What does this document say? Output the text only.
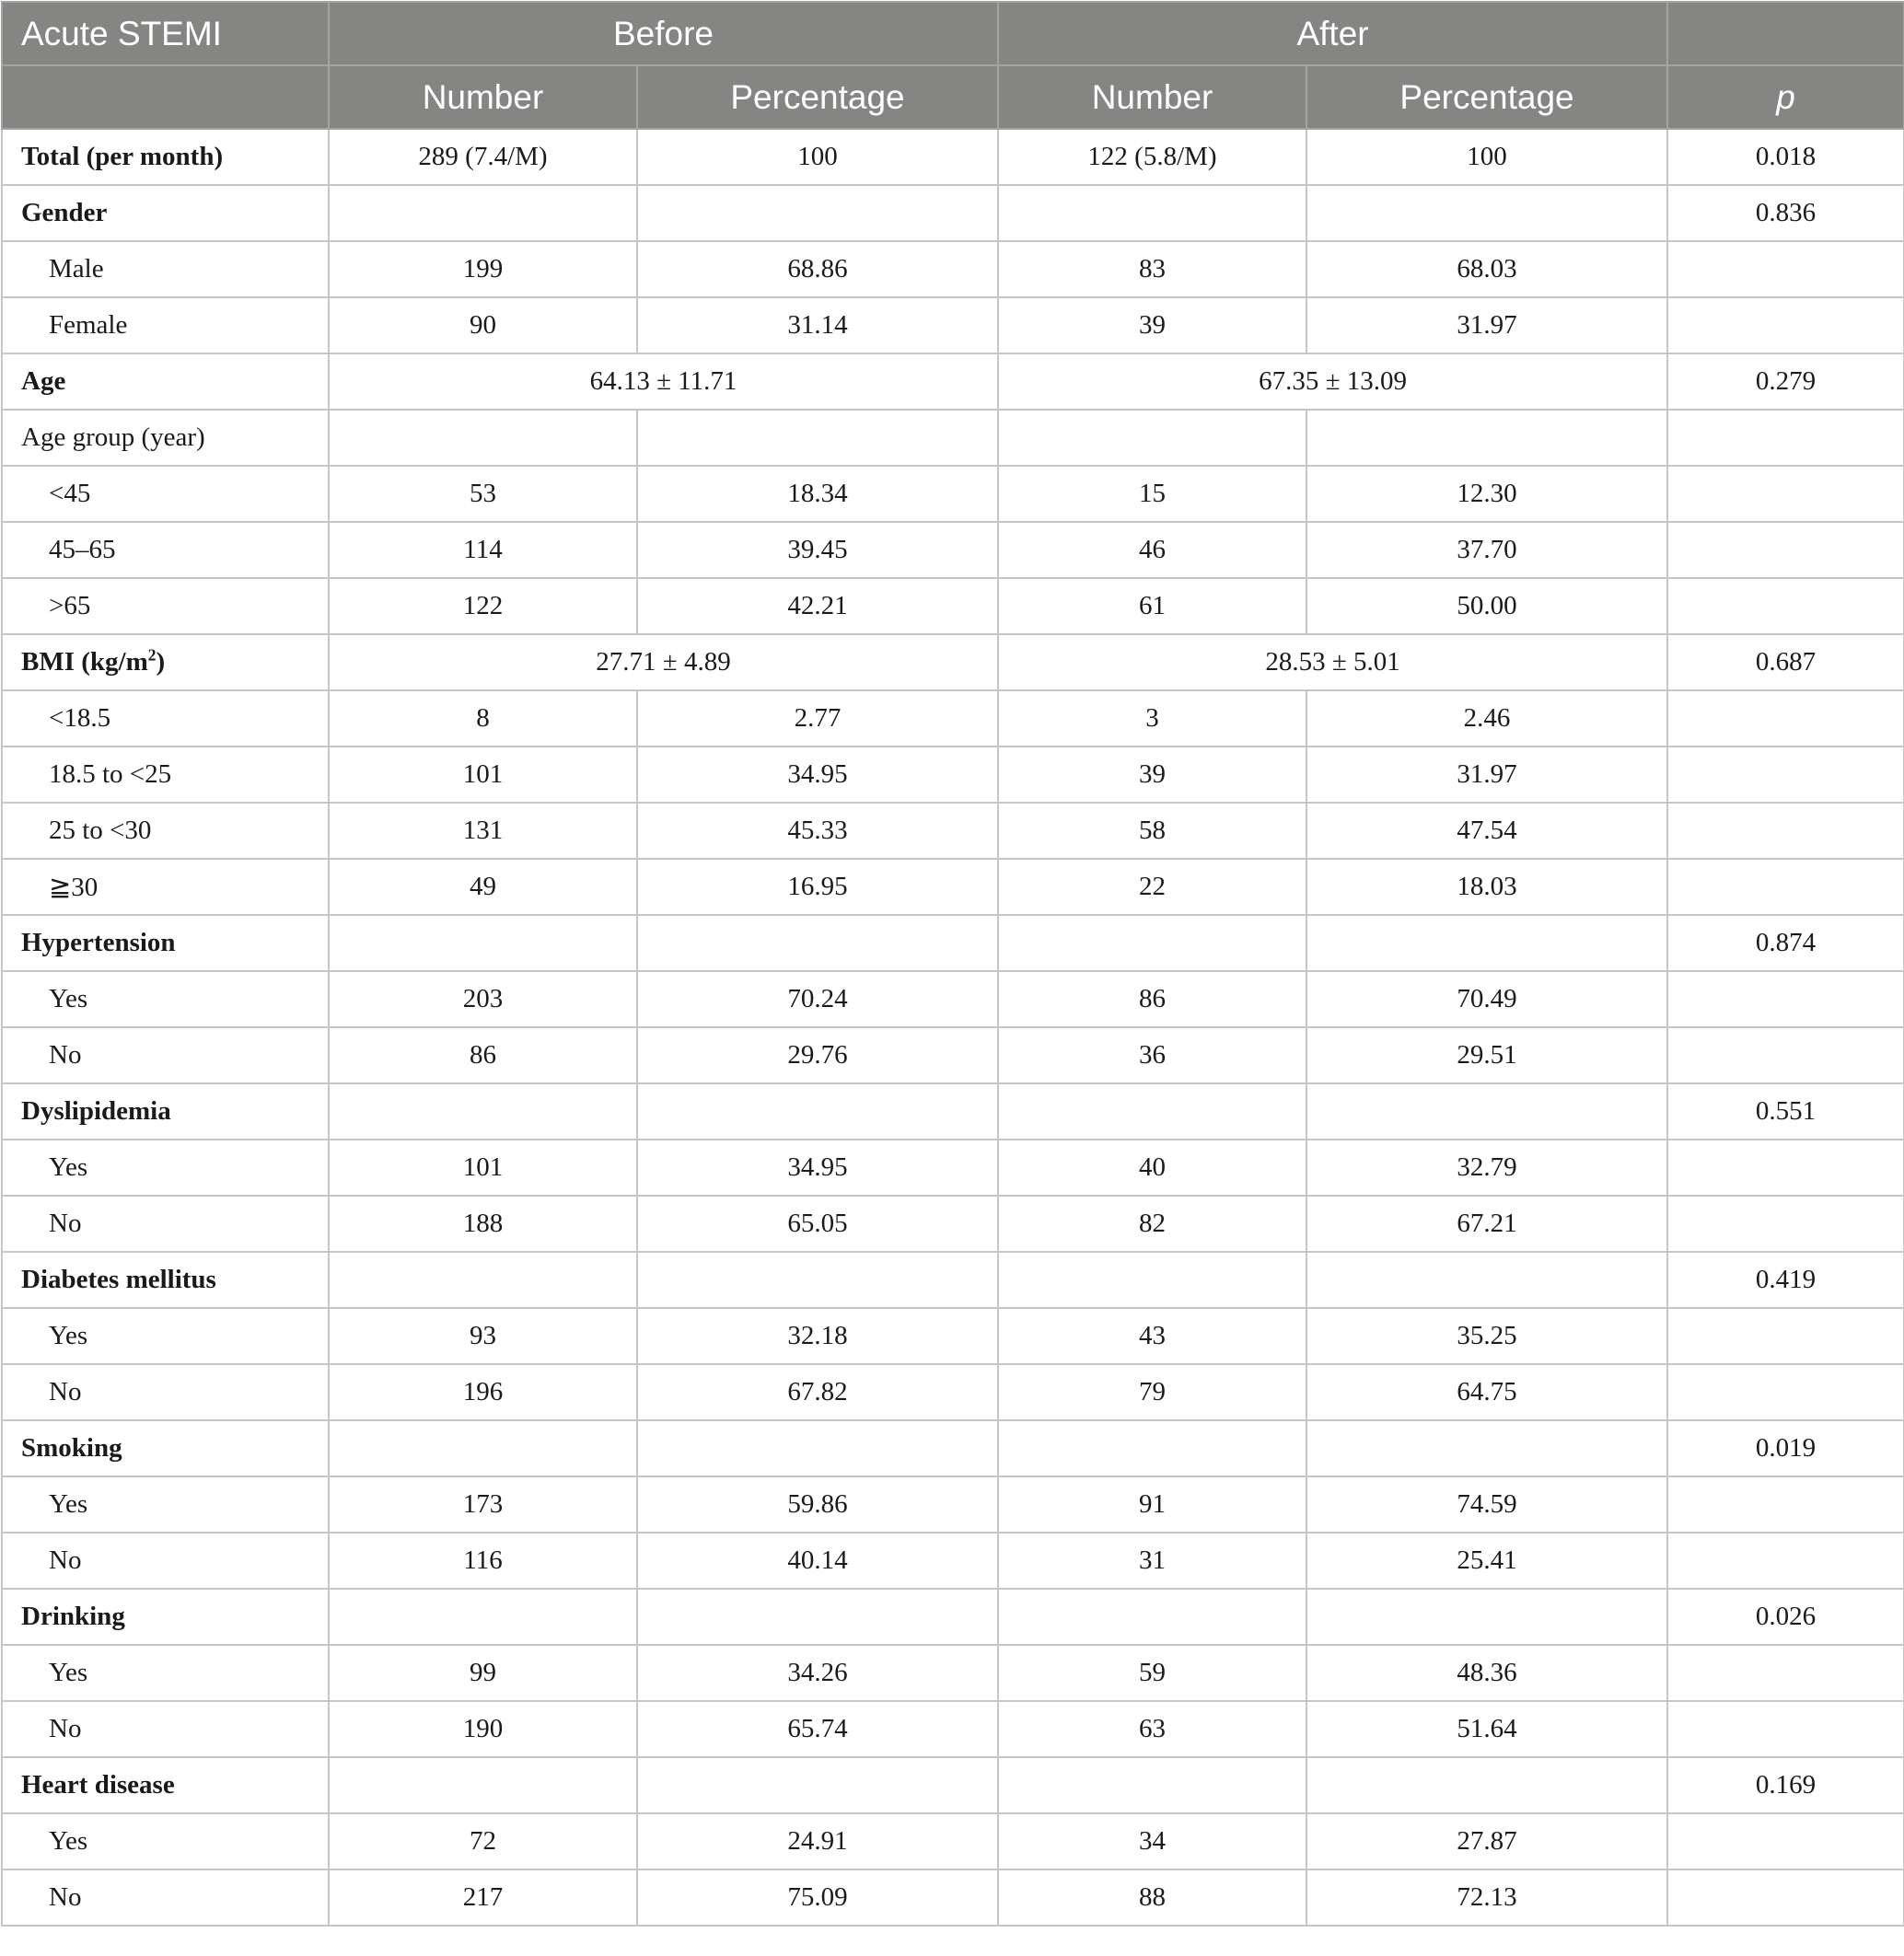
Acute STEMI	Before		After		
	Number	Percentage	Number	Percentage	p
Total (per month)	289 (7.4/M)	100	122 (5.8/M)	100	0.018
Gender					0.836
Male	199	68.86	83	68.03	
Female	90	31.14	39	31.97	
Age	64.13 ± 11.71		67.35 ± 13.09		0.279
Age group (year)					
<45	53	18.34	15	12.30	
45–65	114	39.45	46	37.70	
>65	122	42.21	61	50.00	
BMI $(kg/m^2)$	27.71 ± 4.89		28.53 ± 5.01		0.687
<18.5	8	2.77	3	2.46	
18.5 to <25	101	34.95	39	31.97	
25 to <30	131	45.33	58	47.54	
≧30	49	16.95	22	18.03	
Hypertension					0.874
Yes	203	70.24	86	70.49	
No	86	29.76	36	29.51	
Dyslipidemia					0.551
Yes	101	34.95	40	32.79	
No	188	65.05	82	67.21	
Diabetes mellitus					0.419
Yes	93	32.18	43	35.25	
No	196	67.82	79	64.75	
Smoking					0.019
Yes	173	59.86	91	74.59	
No	116	40.14	31	25.41	
Drinking					0.026
Yes	99	34.26	59	48.36	
No	190	65.74	63	51.64	
Heart disease					0.169
Yes	72	24.91	34	27.87	
No	217	75.09	88	72.13	
